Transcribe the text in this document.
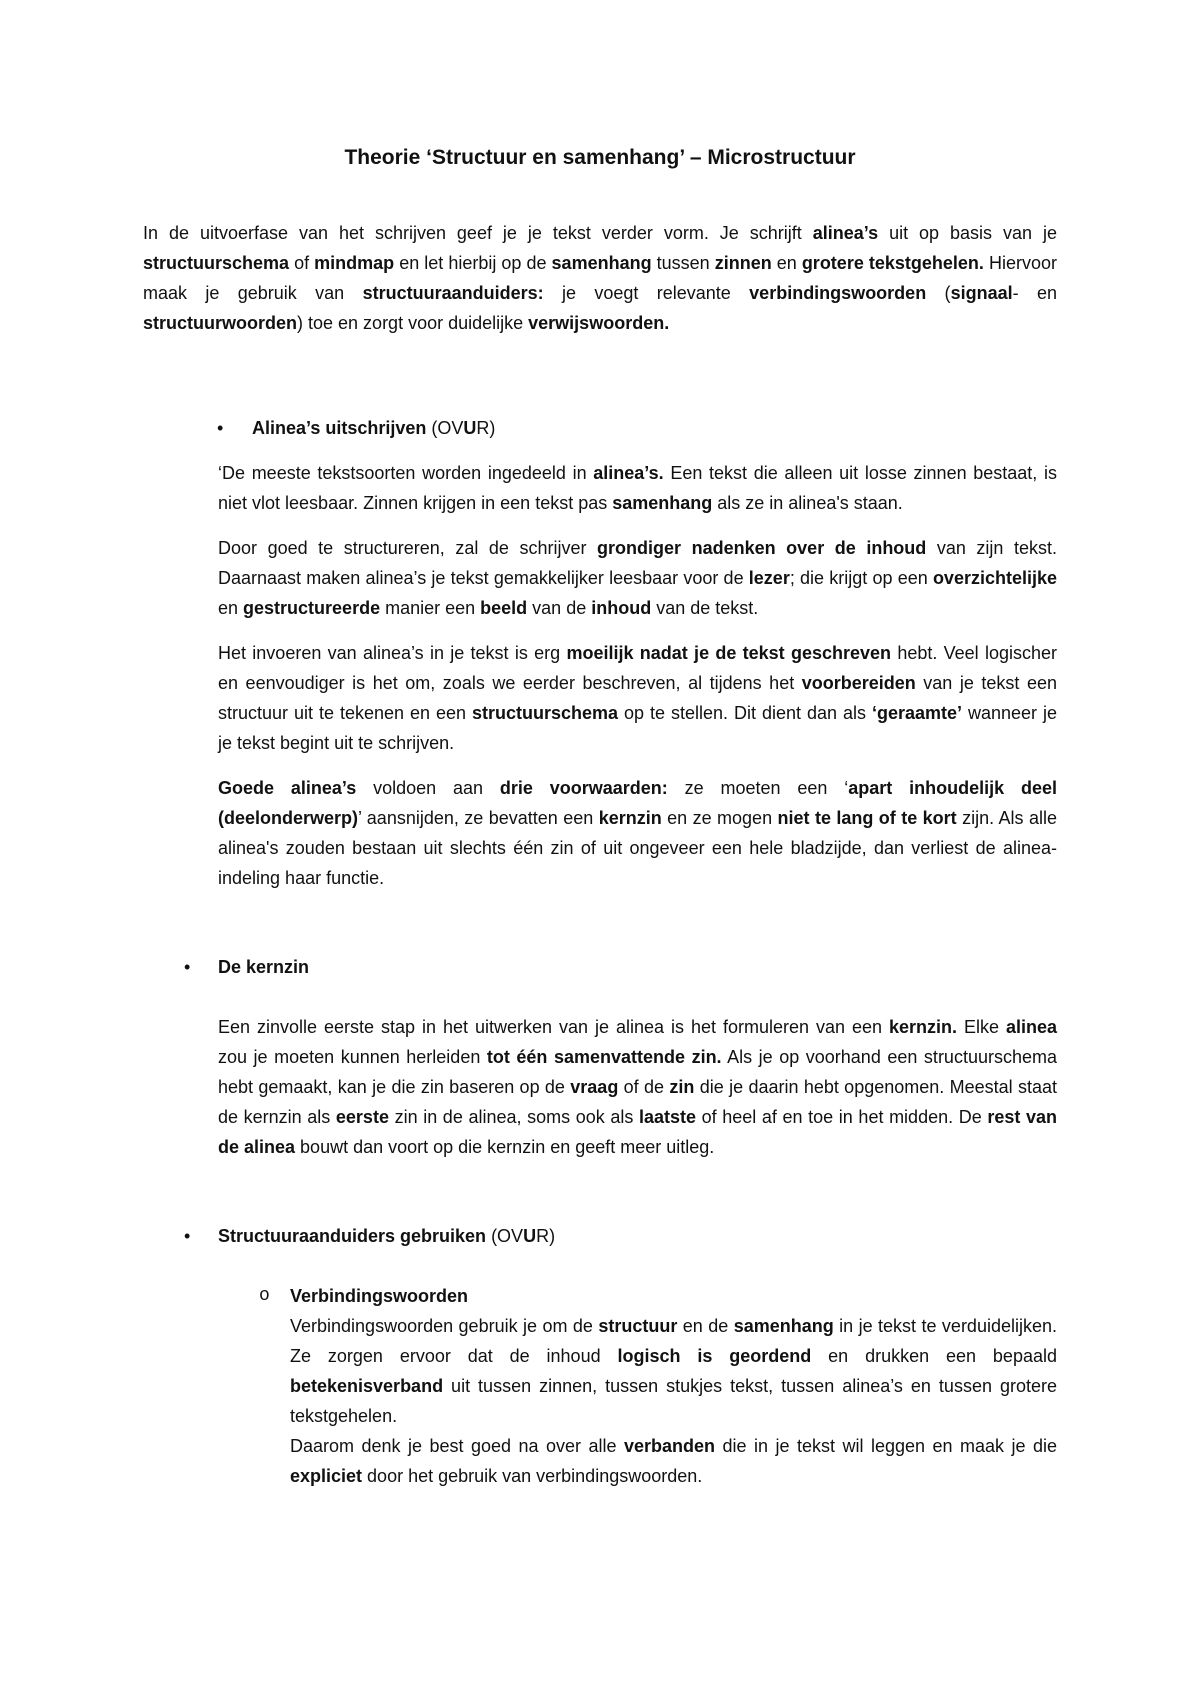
Theorie ‘Structuur en samenhang’ – Microstructuur

In de uitvoerfase van het schrijven geef je je tekst verder vorm. Je schrijft alinea’s uit op basis van je structuurschema of mindmap en let hierbij op de samenhang tussen zinnen en grotere tekstgehelen. Hiervoor maak je gebruik van structuuraanduiders: je voegt relevante verbindingswoorden (signaal- en structuurwoorden) toe en zorgt voor duidelijke verwijswoorden.

• Alinea’s uitschrijven (OVUR)

‘De meeste tekstsoorten worden ingedeeld in alinea’s. Een tekst die alleen uit losse zinnen bestaat, is niet vlot leesbaar. Zinnen krijgen in een tekst pas samenhang als ze in alinea's staan.

Door goed te structureren, zal de schrijver grondiger nadenken over de inhoud van zijn tekst. Daarnaast maken alinea’s je tekst gemakkelijker leesbaar voor de lezer; die krijgt op een overzichtelijke en gestructureerde manier een beeld van de inhoud van de tekst.

Het invoeren van alinea’s in je tekst is erg moeilijk nadat je de tekst geschreven hebt. Veel logischer en eenvoudiger is het om, zoals we eerder beschreven, al tijdens het voorbereiden van je tekst een structuur uit te tekenen en een structuurschema op te stellen. Dit dient dan als ‘geraamte’ wanneer je je tekst begint uit te schrijven.

Goede alinea’s voldoen aan drie voorwaarden: ze moeten een ‘apart inhoudelijk deel (deelonderwerp)’ aansnijden, ze bevatten een kernzin en ze mogen niet te lang of te kort zijn. Als alle alinea's zouden bestaan uit slechts één zin of uit ongeveer een hele bladzijde, dan verliest de alinea-indeling haar functie.

• De kernzin

Een zinvolle eerste stap in het uitwerken van je alinea is het formuleren van een kernzin. Elke alinea zou je moeten kunnen herleiden tot één samenvattende zin. Als je op voorhand een structuurschema hebt gemaakt, kan je die zin baseren op de vraag of de zin die je daarin hebt opgenomen. Meestal staat de kernzin als eerste zin in de alinea, soms ook als laatste of heel af en toe in het midden. De rest van de alinea bouwt dan voort op die kernzin en geeft meer uitleg.

• Structuuraanduiders gebruiken (OVUR)
o Verbindingswoorden

Verbindingswoorden gebruik je om de structuur en de samenhang in je tekst te verduidelijken. Ze zorgen ervoor dat de inhoud logisch is geordend en drukken een bepaald betekenisverband uit tussen zinnen, tussen stukjes tekst, tussen alinea’s en tussen grotere tekstgehelen.

Daarom denk je best goed na over alle verbanden die in je tekst wil leggen en maak je die expliciet door het gebruik van verbindingswoorden.
